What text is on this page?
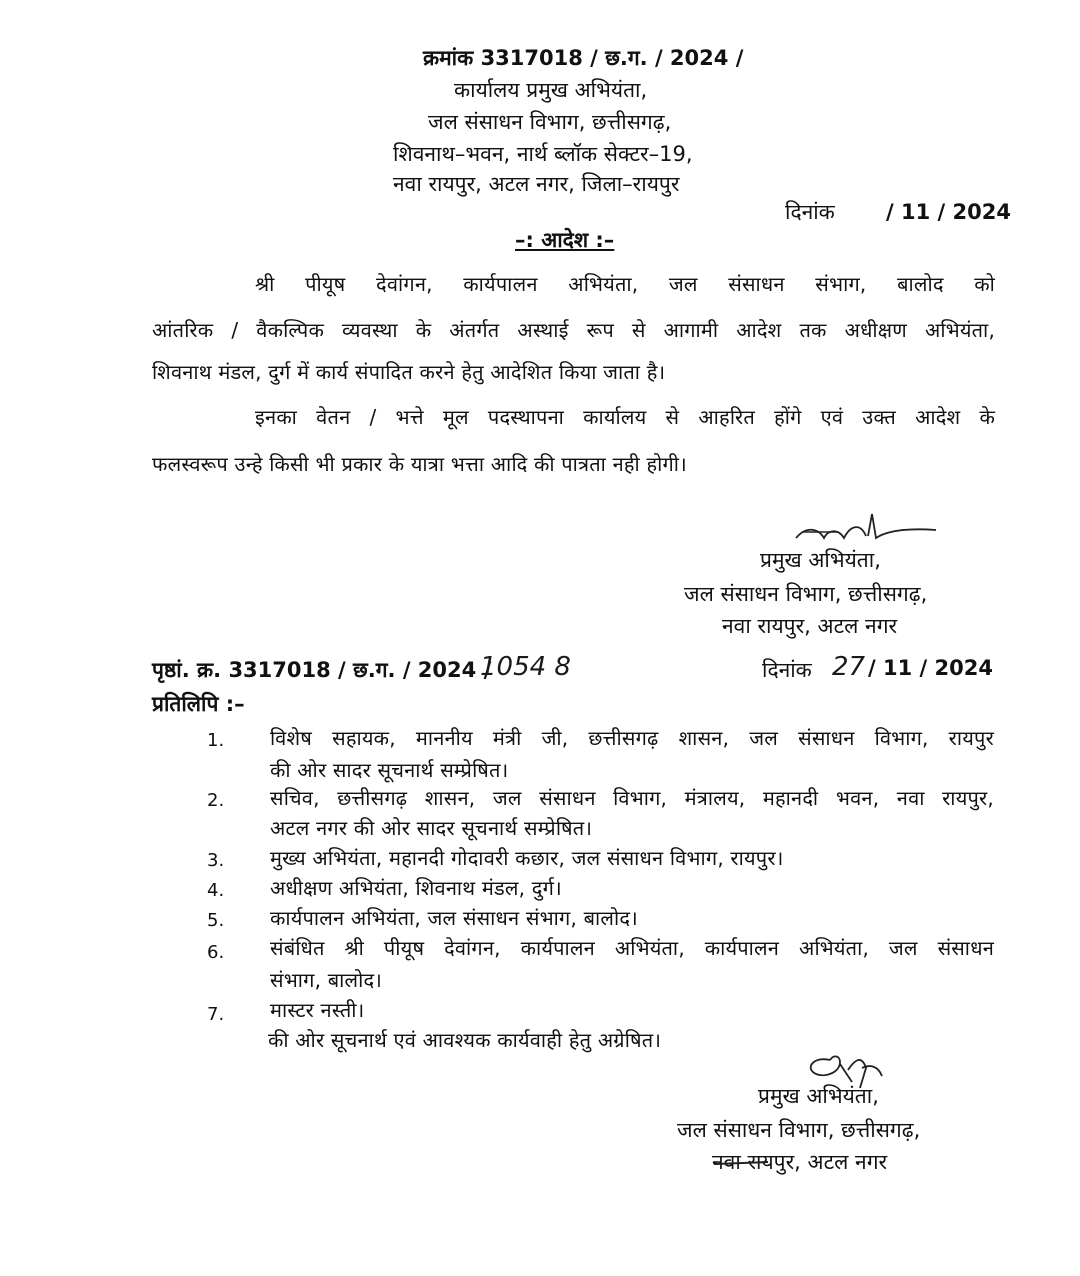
क्रमांक 3317018 / छ.ग. / 2024 /
कार्यालय प्रमुख अभियंता,
जल संसाधन विभाग, छत्तीसगढ़,
शिवनाथ–भवन, नार्थ ब्लॉक सेक्टर–19,
नवा रायपुर, अटल नगर, जिला–रायपुर
दिनांक / 11 / 2024
–: आदेश :–
श्री पीयूष देवांगन, कार्यपालन अभियंता, जल संसाधन संभाग, बालोद को
आंतरिक / वैकल्पिक व्यवस्था के अंतर्गत अस्थाई रूप से आगामी आदेश तक अधीक्षण अभियंता,
शिवनाथ मंडल, दुर्ग में कार्य संपादित करने हेतु आदेशित किया जाता है।
इनका वेतन / भत्ते मूल पदस्थापना कार्यालय से आहरित होंगे एवं उक्त आदेश के
फलस्वरूप उन्हे किसी भी प्रकार के यात्रा भत्ता आदि की पात्रता नही होगी।
प्रमुख अभियंता,
जल संसाधन विभाग, छत्तीसगढ़,
नवा रायपुर, अटल नगर
पृष्ठां. क्र. 3317018 / छ.ग. / 2024 /
1054 8	दिनांक 27 / 11 / 2024
प्रतिलिपि :–
1. विशेष सहायक, माननीय मंत्री जी, छत्तीसगढ़ शासन, जल संसाधन विभाग, रायपुर
की ओर सादर सूचनार्थ सम्प्रेषित।
2. सचिव, छत्तीसगढ़ शासन, जल संसाधन विभाग, मंत्रालय, महानदी भवन, नवा रायपुर,
अटल नगर की ओर सादर सूचनार्थ सम्प्रेषित।
3. मुख्य अभियंता, महानदी गोदावरी कछार, जल संसाधन विभाग, रायपुर।
4. अधीक्षण अभियंता, शिवनाथ मंडल, दुर्ग।
5. कार्यपालन अभियंता, जल संसाधन संभाग, बालोद।
6. संबंधित श्री पीयूष देवांगन, कार्यपालन अभियंता, कार्यपालन अभियंता, जल संसाधन
संभाग, बालोद।
7. मास्टर नस्ती।
की ओर सूचनार्थ एवं आवश्यक कार्यवाही हेतु अग्रेषित।
प्रमुख अभियंता,
जल संसाधन विभाग, छत्तीसगढ़,
नवा रायपुर, अटल नगर
